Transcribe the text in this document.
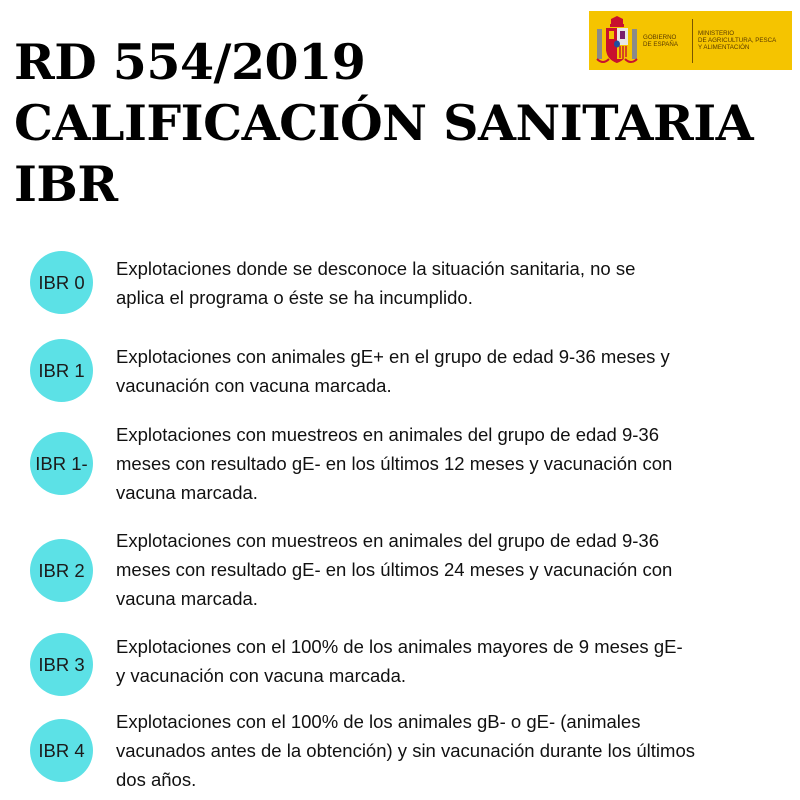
RD 554/2019
CALIFICACIÓN SANITARIA
IBR
GOBIERNO
DE ESPAÑA
MINISTERIO
DE AGRICULTURA, PESCA
Y ALIMENTACIÓN
IBR 0
Explotaciones donde se desconoce la situación sanitaria, no se
aplica el programa o éste se ha incumplido.
IBR 1
Explotaciones con animales gE+ en el grupo de edad 9-36 meses y
vacunación con vacuna marcada.
IBR 1-
Explotaciones con muestreos en animales del grupo de edad 9-36
meses con resultado gE- en los últimos 12 meses y vacunación con
vacuna marcada.
IBR 2
Explotaciones con muestreos en animales del grupo de edad 9-36
meses con resultado gE- en los últimos 24 meses y vacunación con
vacuna marcada.
IBR 3
Explotaciones con el 100% de los animales mayores de 9 meses gE-
y vacunación con vacuna marcada.
IBR 4
Explotaciones con el 100% de los animales gB- o gE- (animales
vacunados antes de la obtención) y sin vacunación durante los últimos
dos años.
